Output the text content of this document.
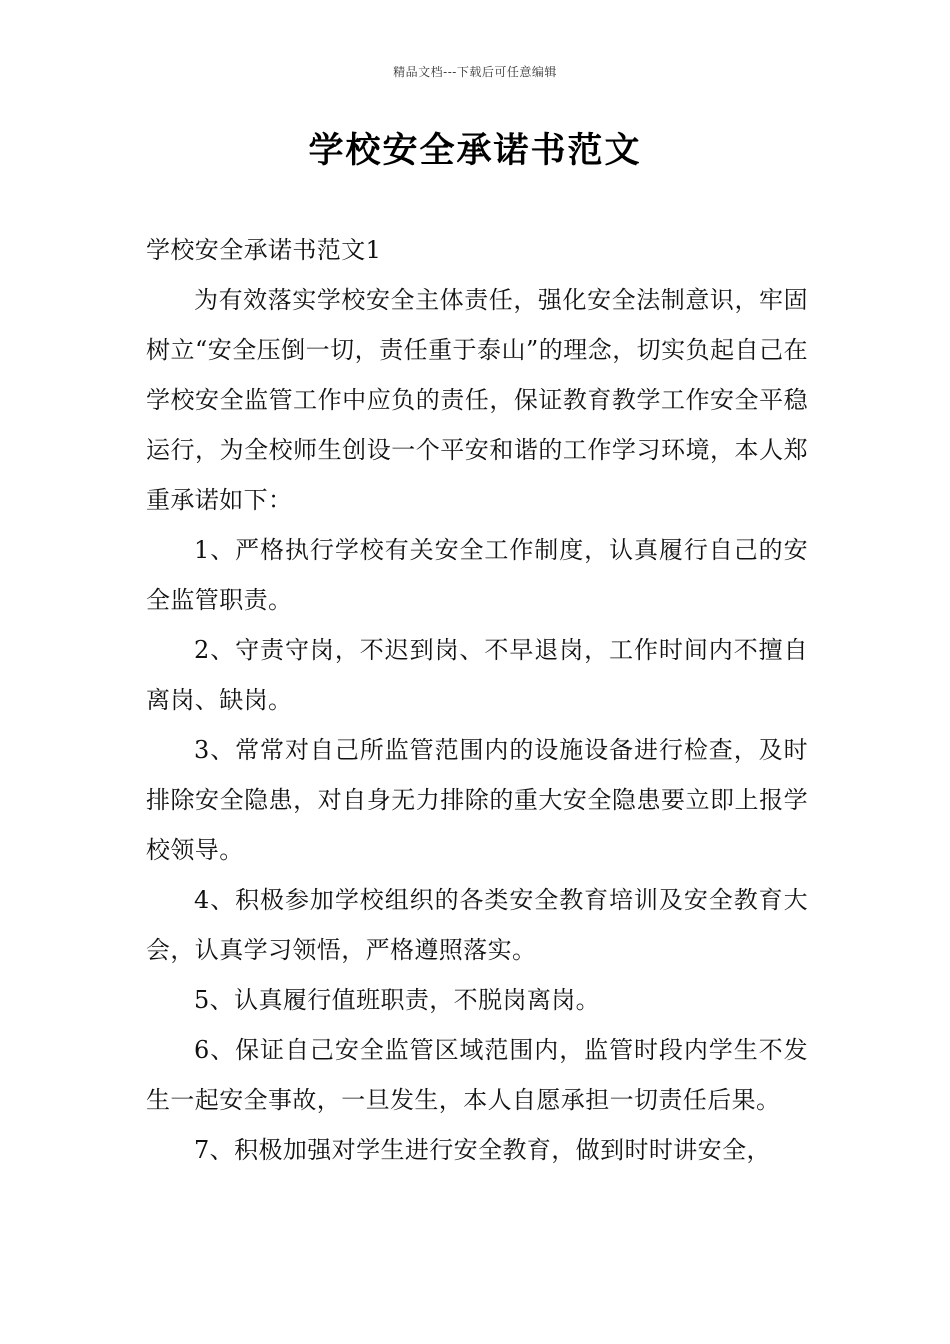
精品文档---下载后可任意编辑
学校安全承诺书范文

学校安全承诺书范文1

为有效落实学校安全主体责任，强化安全法制意识，牢固树立“安全压倒一切，责任重于泰山”的理念，切实负起自己在学校安全监管工作中应负的责任，保证教育教学工作安全平稳运行，为全校师生创设一个平安和谐的工作学习环境，本人郑重承诺如下：

1、严格执行学校有关安全工作制度，认真履行自己的安全监管职责。

2、守责守岗，不迟到岗、不早退岗，工作时间内不擅自离岗、缺岗。

3、常常对自己所监管范围内的设施设备进行检查，及时排除安全隐患，对自身无力排除的重大安全隐患要立即上报学校领导。

4、积极参加学校组织的各类安全教育培训及安全教育大会，认真学习领悟，严格遵照落实。

5、认真履行值班职责，不脱岗离岗。

6、保证自己安全监管区域范围内，监管时段内学生不发生一起安全事故，一旦发生，本人自愿承担一切责任后果。

7、积极加强对学生进行安全教育，做到时时讲安全，
